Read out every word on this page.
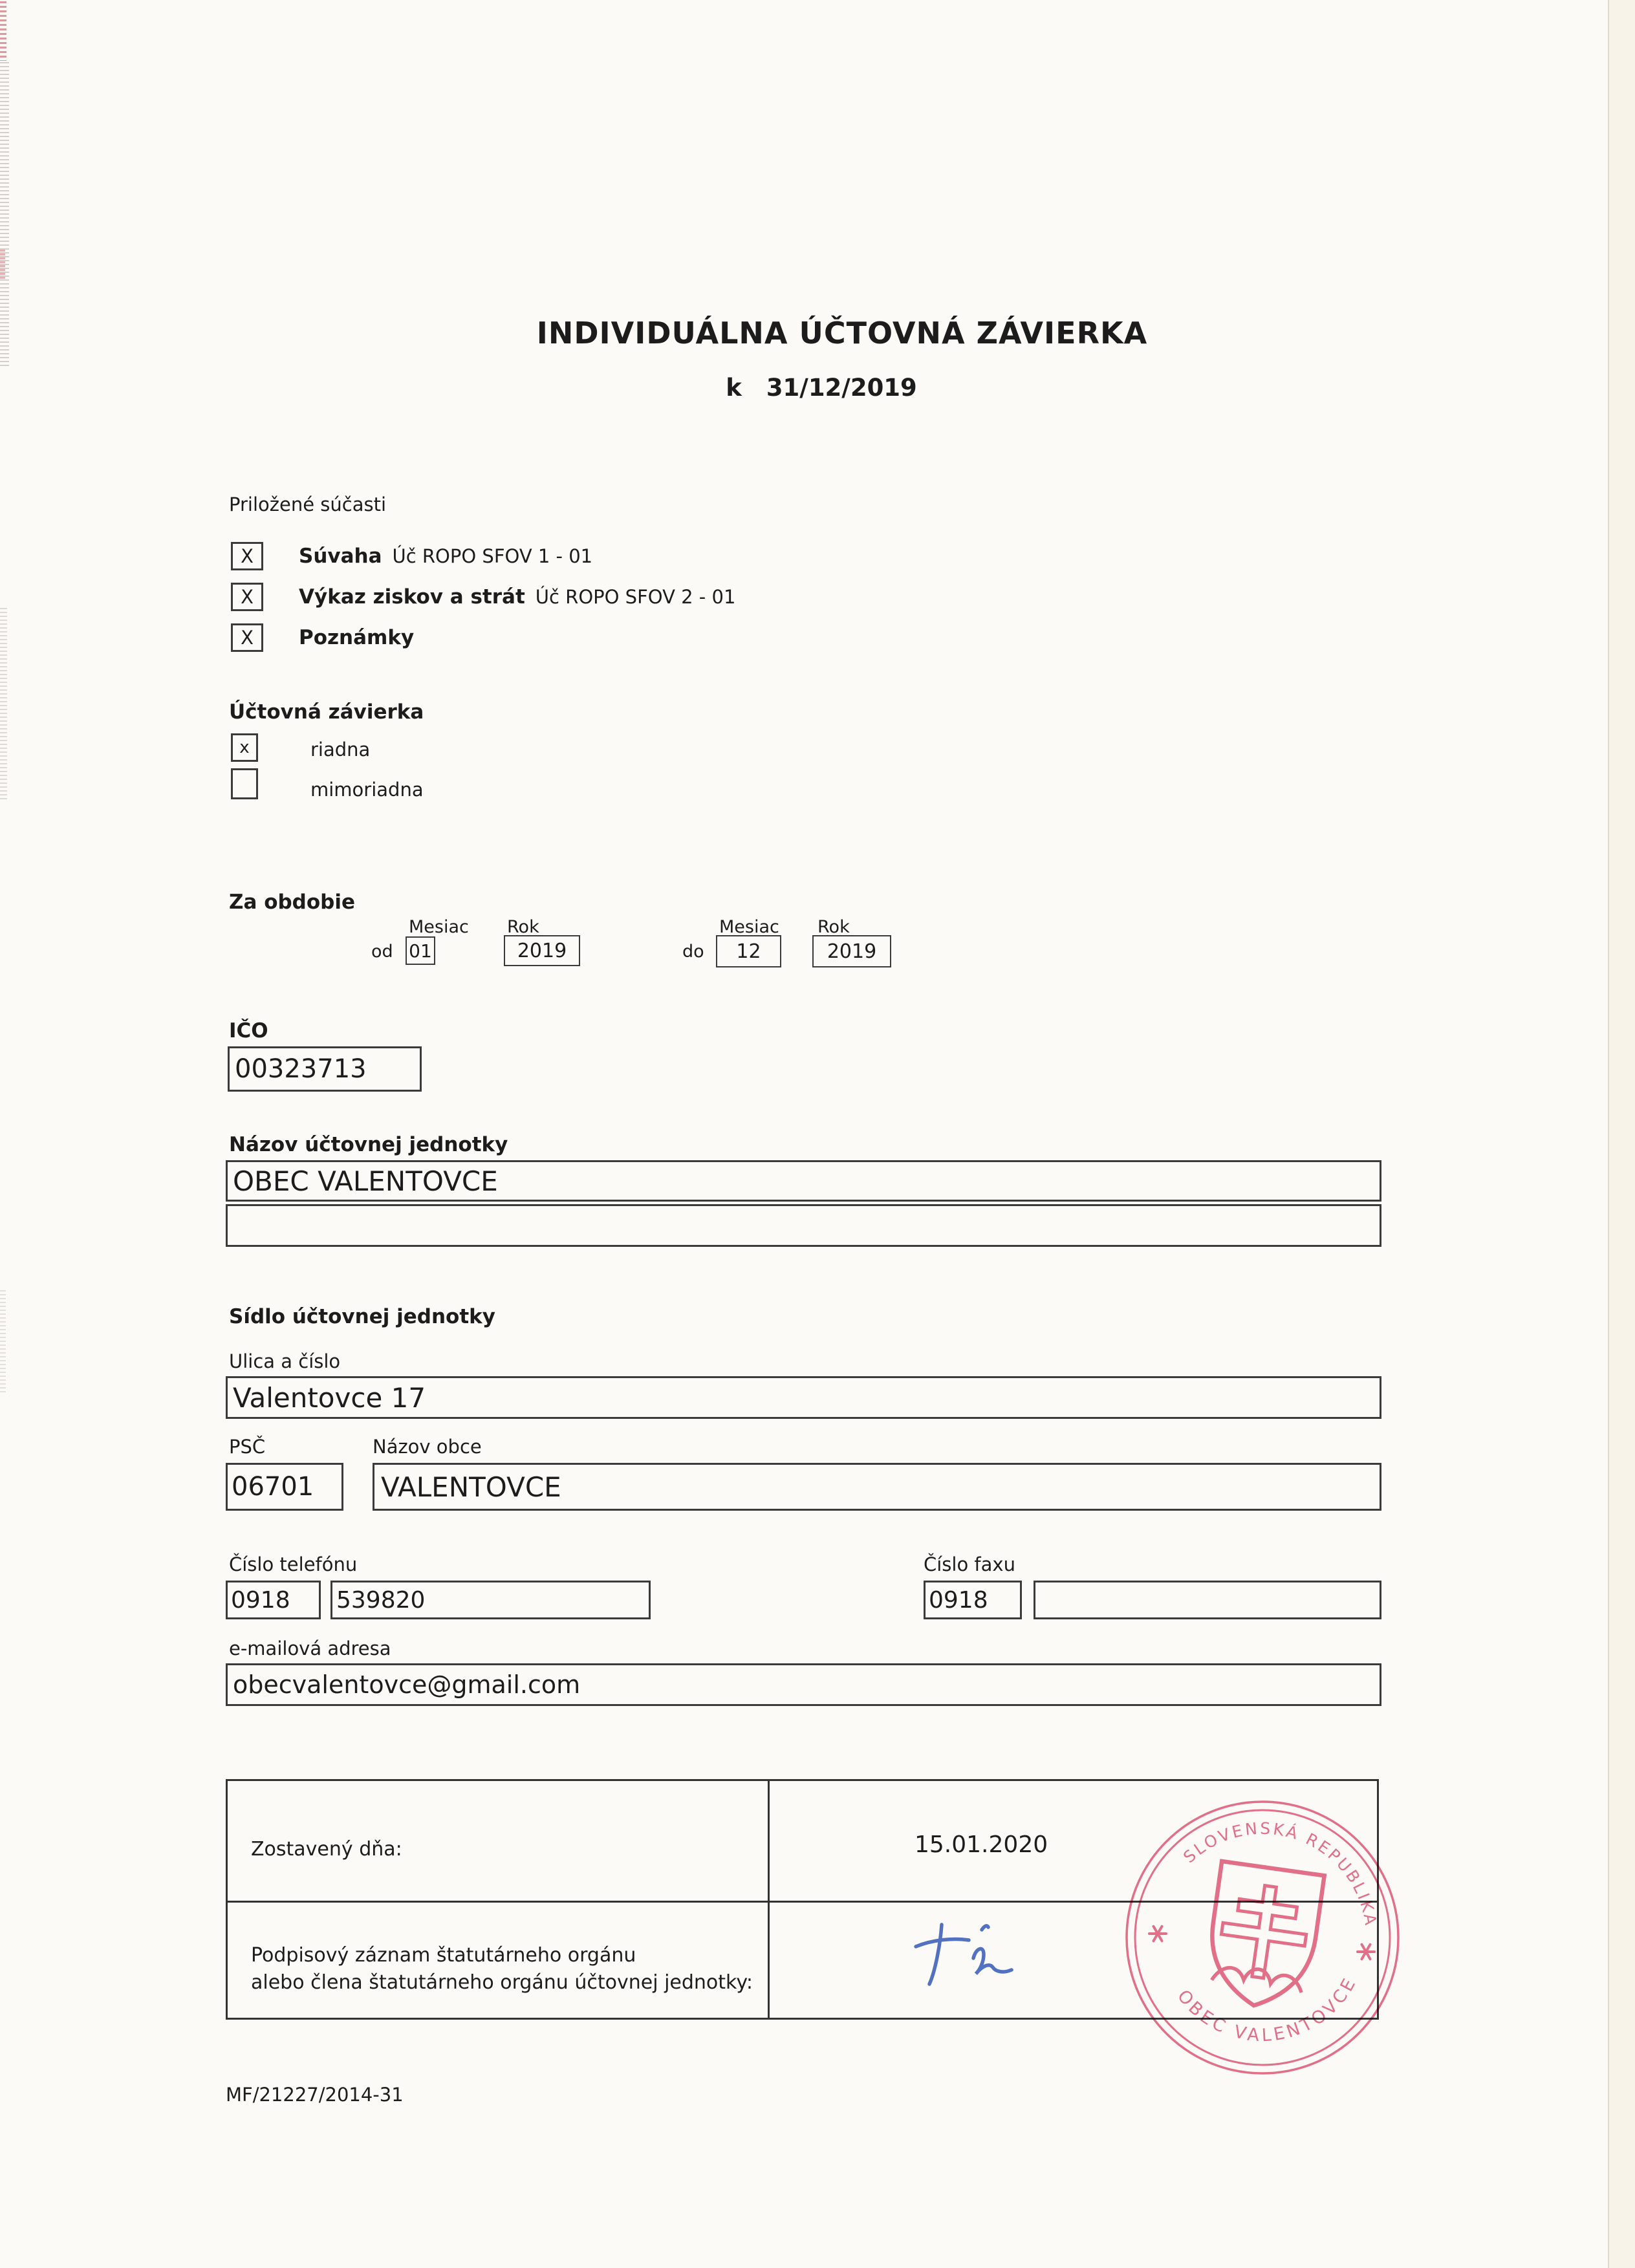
INDIVIDUÁLNA ÚČTOVNÁ ZÁVIERKA
k 31/12/2019
Priložené súčasti
X Súvaha Úč ROPO SFOV 1 - 01
X Výkaz ziskov a strát Úč ROPO SFOV 2 - 01
X Poznámky
Účtovná závierka
x	riadna
mimoriadna
Za obdobie
Mesiac Rok	Mesiac Rok
od 01	2019	do 12	2019
IČO
00323713
Názov účtovnej jednotky
OBEC VALENTOVCE
Sídlo účtovnej jednotky
Ulica a číslo
Valentovce 17
PSČ	Názov obce
06701 VALENTOVCE
Číslo telefónu	Číslo faxu
0918 539820	0918
e-mailová adresa
obecvalentovce@gmail.com
Zostavený dňa:	15.01.2020
Podpisový záznam štatutárneho orgánu
alebo člena štatutárneho orgánu účtovnej jednotky:
SLOVENSKÁ REPUBLIKA
OBEC VALENTOVCE
MF/21227/2014-31
